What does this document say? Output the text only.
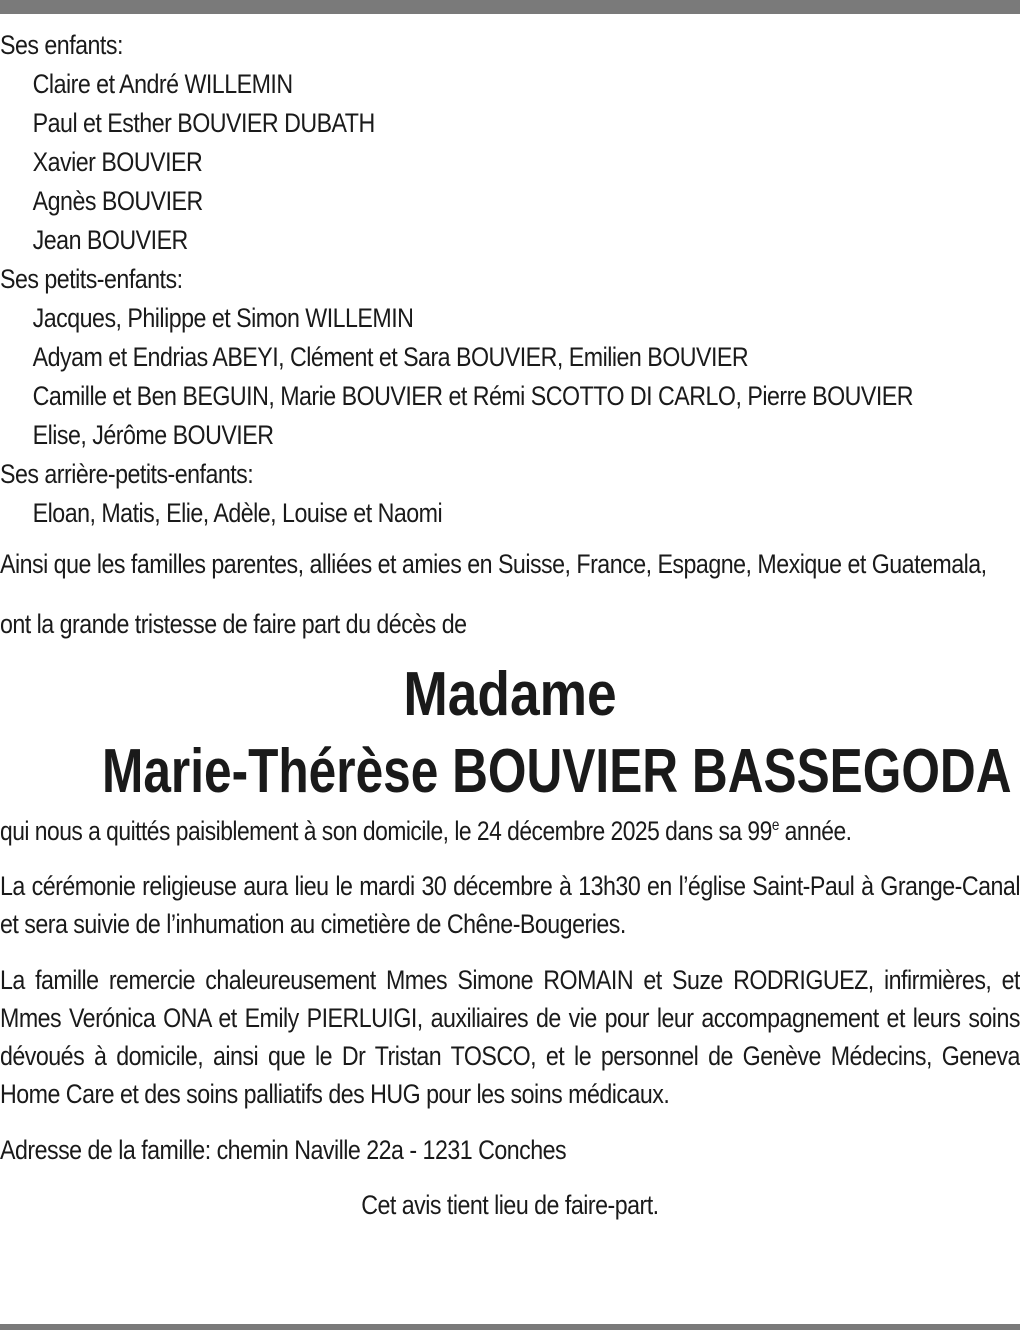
Ses enfants:
Claire et André WILLEMIN
Paul et Esther BOUVIER DUBATH
Xavier BOUVIER
Agnès BOUVIER
Jean BOUVIER
Ses petits-enfants:
Jacques, Philippe et Simon WILLEMIN
Adyam et Endrias ABEYI, Clément et Sara BOUVIER, Emilien BOUVIER
Camille et Ben BEGUIN, Marie BOUVIER et Rémi SCOTTO DI CARLO, Pierre BOUVIER
Elise, Jérôme BOUVIER
Ses arrière-petits-enfants:
Eloan, Matis, Elie, Adèle, Louise et Naomi
Ainsi que les familles parentes, alliées et amies en Suisse, France, Espagne, Mexique et Guatemala,
ont la grande tristesse de faire part du décès de
Madame
Marie-Thérèse BOUVIER BASSEGODA
qui nous a quittés paisiblement à son domicile, le 24 décembre 2025 dans sa 99e année.
La cérémonie religieuse aura lieu le mardi 30 décembre à 13h30 en l’église Saint-Paul à Grange-Canal et sera suivie de l’inhumation au cimetière de Chêne-Bougeries.
La famille remercie chaleureusement Mmes Simone ROMAIN et Suze RODRIGUEZ, infirmières, et Mmes Verónica ONA et Emily PIERLUIGI, auxiliaires de vie pour leur accompagnement et leurs soins dévoués à domicile, ainsi que le Dr Tristan TOSCO, et le personnel de Genève Médecins, Geneva Home Care et des soins palliatifs des HUG pour les soins médicaux.
Adresse de la famille: chemin Naville 22a - 1231 Conches
Cet avis tient lieu de faire-part.
